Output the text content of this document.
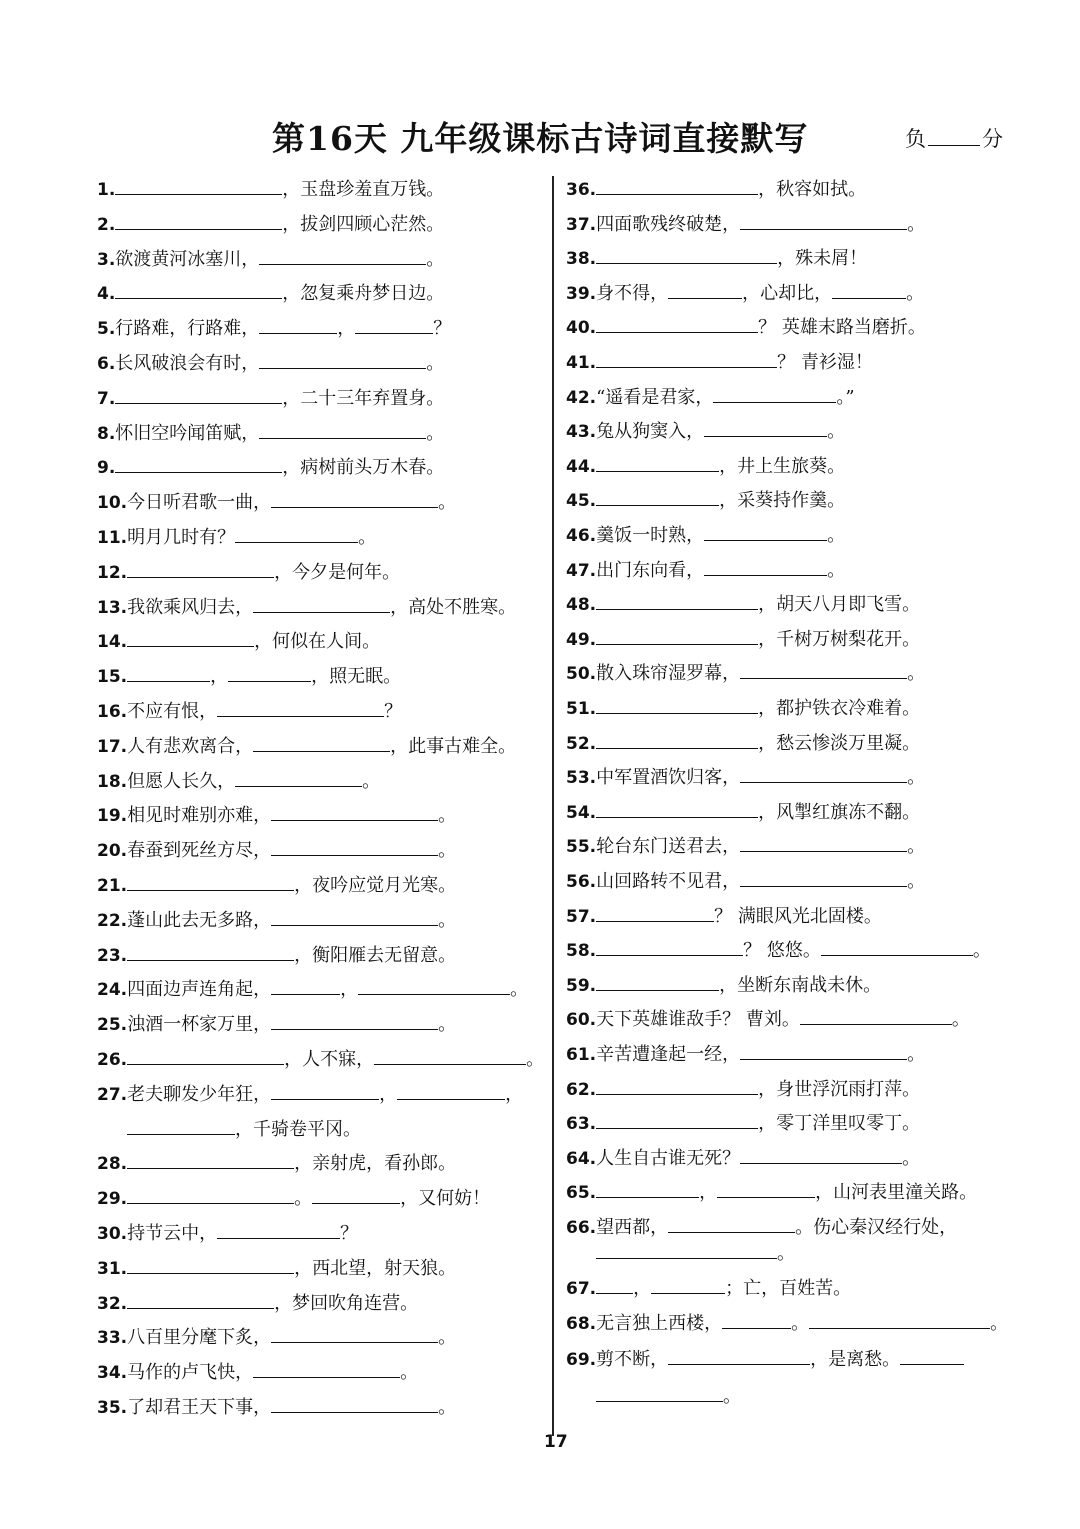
第16天 九年级课标古诗词直接默写	负	分
1.	，玉盘珍羞直万钱。
2.	，拔剑四顾心茫然。
3.欲渡黄河冰塞川，	。
4.	，忽复乘舟梦日边。
5.行路难，行路难，	，	？
6.长风破浪会有时，	。
7.	，二十三年弃置身。
8.怀旧空吟闻笛赋，	。
9.	，病树前头万木春。
10.今日听君歌一曲，	。
11.明月几时有？	。
12.	，今夕是何年。
13.我欲乘风归去，	，高处不胜寒。
14.	，何似在人间。
15.	，	，照无眠。
16.不应有恨，	？
17.人有悲欢离合，	，此事古难全。
18.但愿人长久，	。
19.相见时难别亦难，	。
20.春蚕到死丝方尽，	。
21.	，夜吟应觉月光寒。
22.蓬山此去无多路，	。
23.	，衡阳雁去无留意。
24.四面边声连角起，	，	。
25.浊酒一杯家万里，	。
26.	，人不寐，	。
27.老夫聊发少年狂，	，	，
，千骑卷平冈。
28.	，亲射虎，看孙郎。
29.	。	，又何妨！
30.持节云中，	？
31.	，西北望，射天狼。
32.	，梦回吹角连营。
33.八百里分麾下炙，	。
34.马作的卢飞快，	。
35.了却君王天下事，	。
36.	，秋容如拭。
37.四面歌残终破楚，	。
38.	，殊未屑！
39.身不得，	，心却比，	。
40.	？ 英雄末路当磨折。
41.	？ 青衫湿！
42.“遥看是君家，	。”
43.兔从狗窦入，	。
44.	，井上生旅葵。
45.	，采葵持作羹。
46.羹饭一时熟，	。
47.出门东向看，	。
48.	，胡天八月即飞雪。
49.	，千树万树梨花开。
50.散入珠帘湿罗幕，	。
51.	，都护铁衣冷难着。
52.	，愁云惨淡万里凝。
53.中军置酒饮归客，	。
54.	，风掣红旗冻不翻。
55.轮台东门送君去，	。
56.山回路转不见君，	。
57.	？ 满眼风光北固楼。
58.	？ 悠悠。	。
59.	，坐断东南战未休。
60.天下英雄谁敌手？ 曹刘。	。
61.辛苦遭逢起一经，	。
62.	，身世浮沉雨打萍。
63.	，零丁洋里叹零丁。
64.人生自古谁无死？	。
65.	，	，山河表里潼关路。
66.望西都，	。伤心秦汉经行处，
。
67. ，	；亡，百姓苦。
68.无言独上西楼，	。	。
69.剪不断，	，是离愁。
。
17
